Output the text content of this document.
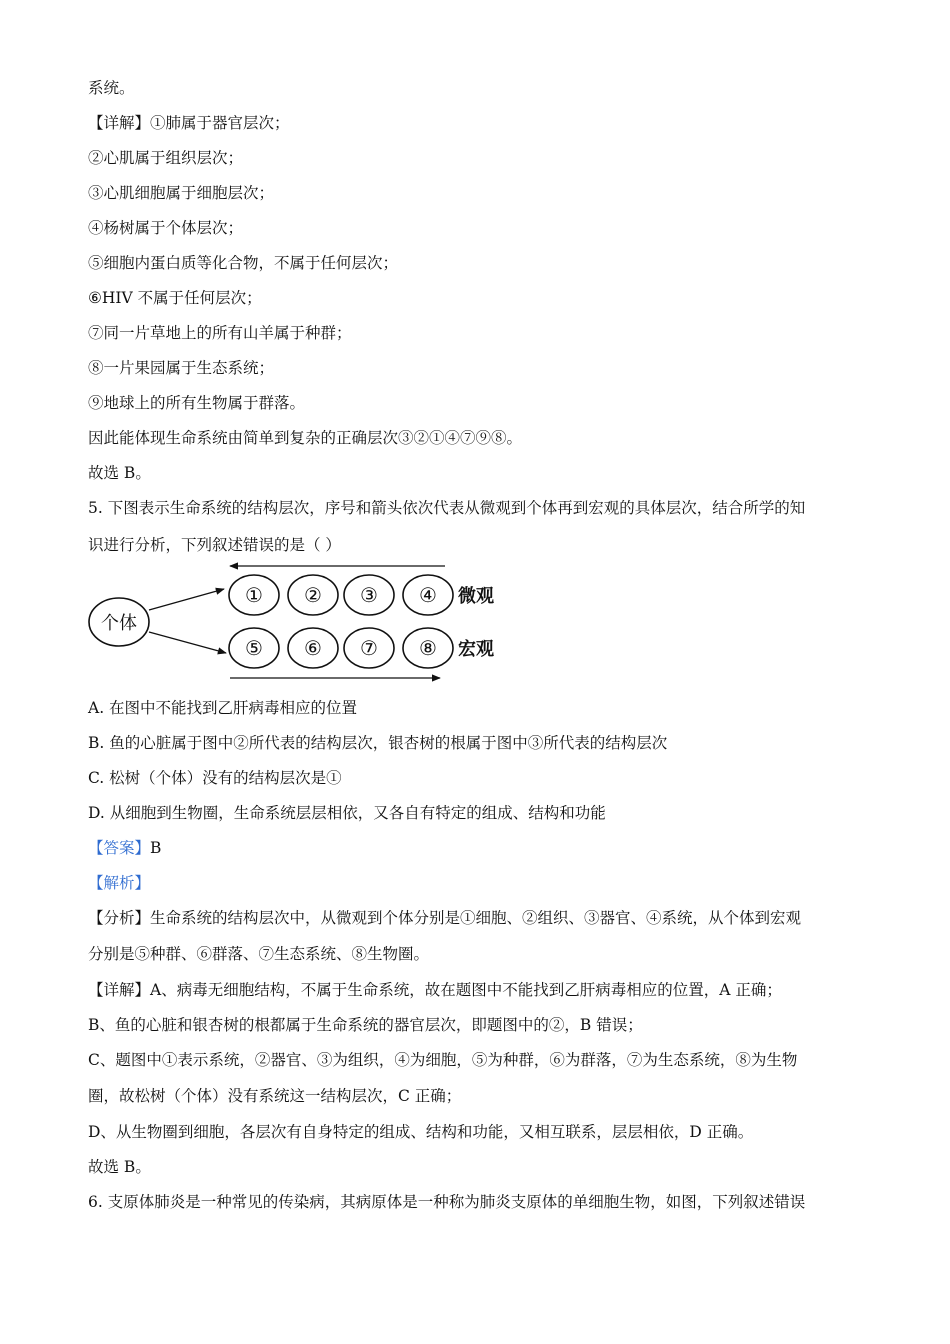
系统。
【详解】①肺属于器官层次；
②心肌属于组织层次；
③心肌细胞属于细胞层次；
④杨树属于个体层次；
⑤细胞内蛋白质等化合物，不属于任何层次；
⑥HIV 不属于任何层次；
⑦同一片草地上的所有山羊属于种群；
⑧一片果园属于生态系统；
⑨地球上的所有生物属于群落。
因此能体现生命系统由简单到复杂的正确层次③②①④⑦⑨⑧。
故选 B。
5. 下图表示生命系统的结构层次，序号和箭头依次代表从微观到个体再到宏观的具体层次，结合所学的知
识进行分析，下列叙述错误的是（ ）
个体
① ② ③ ④ 微观
⑤ ⑥ ⑦ ⑧ 宏观
A. 在图中不能找到乙肝病毒相应的位置
B. 鱼的心脏属于图中②所代表的结构层次，银杏树的根属于图中③所代表的结构层次
C. 松树（个体）没有的结构层次是①
D. 从细胞到生物圈，生命系统层层相依，又各自有特定的组成、结构和功能
【答案】B
【解析】
【分析】生命系统的结构层次中，从微观到个体分别是①细胞、②组织、③器官、④系统，从个体到宏观
分别是⑤种群、⑥群落、⑦生态系统、⑧生物圈。
【详解】A、病毒无细胞结构，不属于生命系统，故在题图中不能找到乙肝病毒相应的位置，A 正确；
B、鱼的心脏和银杏树的根都属于生命系统的器官层次，即题图中的②，B 错误；
C、题图中①表示系统，②器官、③为组织，④为细胞，⑤为种群，⑥为群落，⑦为生态系统，⑧为生物
圈，故松树（个体）没有系统这一结构层次，C 正确；
D、从生物圈到细胞，各层次有自身特定的组成、结构和功能，又相互联系，层层相依，D 正确。
故选 B。
6. 支原体肺炎是一种常见的传染病，其病原体是一种称为肺炎支原体的单细胞生物，如图，下列叙述错误
